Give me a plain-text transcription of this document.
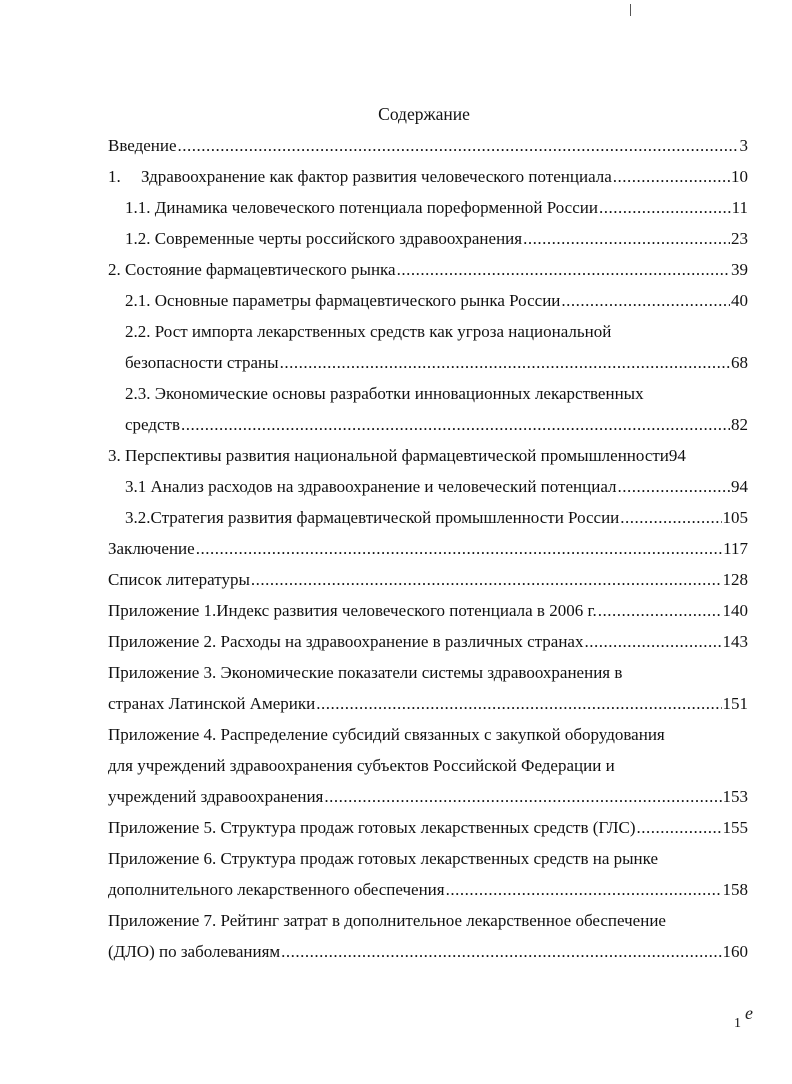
Содержание
Введение .....	3
1. Здравоохранение как фактор развития человеческого потенциала .....	10
1.1. Динамика человеческого потенциала пореформенной России .....	11
1.2. Современные черты российского здравоохранения .....	23
2. Состояние фармацевтического рынка .....	39
2.1. Основные параметры фармацевтического рынка России .....	40
2.2. Рост импорта лекарственных средств как угроза национальной
безопасности страны .....	68
2.3. Экономические основы разработки инновационных лекарственных
средств .....	82
3. Перспективы развития национальной фармацевтической промышленности 94
3.1 Анализ расходов на здравоохранение и человеческий потенциал .....	94
3.2.Стратегия развития фармацевтической промышленности России .....	105
Заключение .....	117
Список литературы .....	128
Приложение 1.Индекс развития человеческого потенциала в 2006 г. .....	140
Приложение 2. Расходы на здравоохранение в различных странах .....	143
Приложение 3. Экономические показатели системы здравоохранения в
странах Латинской Америки .....	151
Приложение 4. Распределение субсидий связанных с закупкой оборудования
для учреждений здравоохранения субъектов Российской Федерации и
учреждений здравоохранения .....	153
Приложение 5. Структура продаж готовых лекарственных средств (ГЛС) .....	155
Приложение 6. Структура продаж готовых лекарственных средств на рынке
дополнительного лекарственного обеспечения .....	158
Приложение 7. Рейтинг затрат в дополнительное лекарственное обеспечение
(ДЛО) по заболеваниям .....	160
1
е
